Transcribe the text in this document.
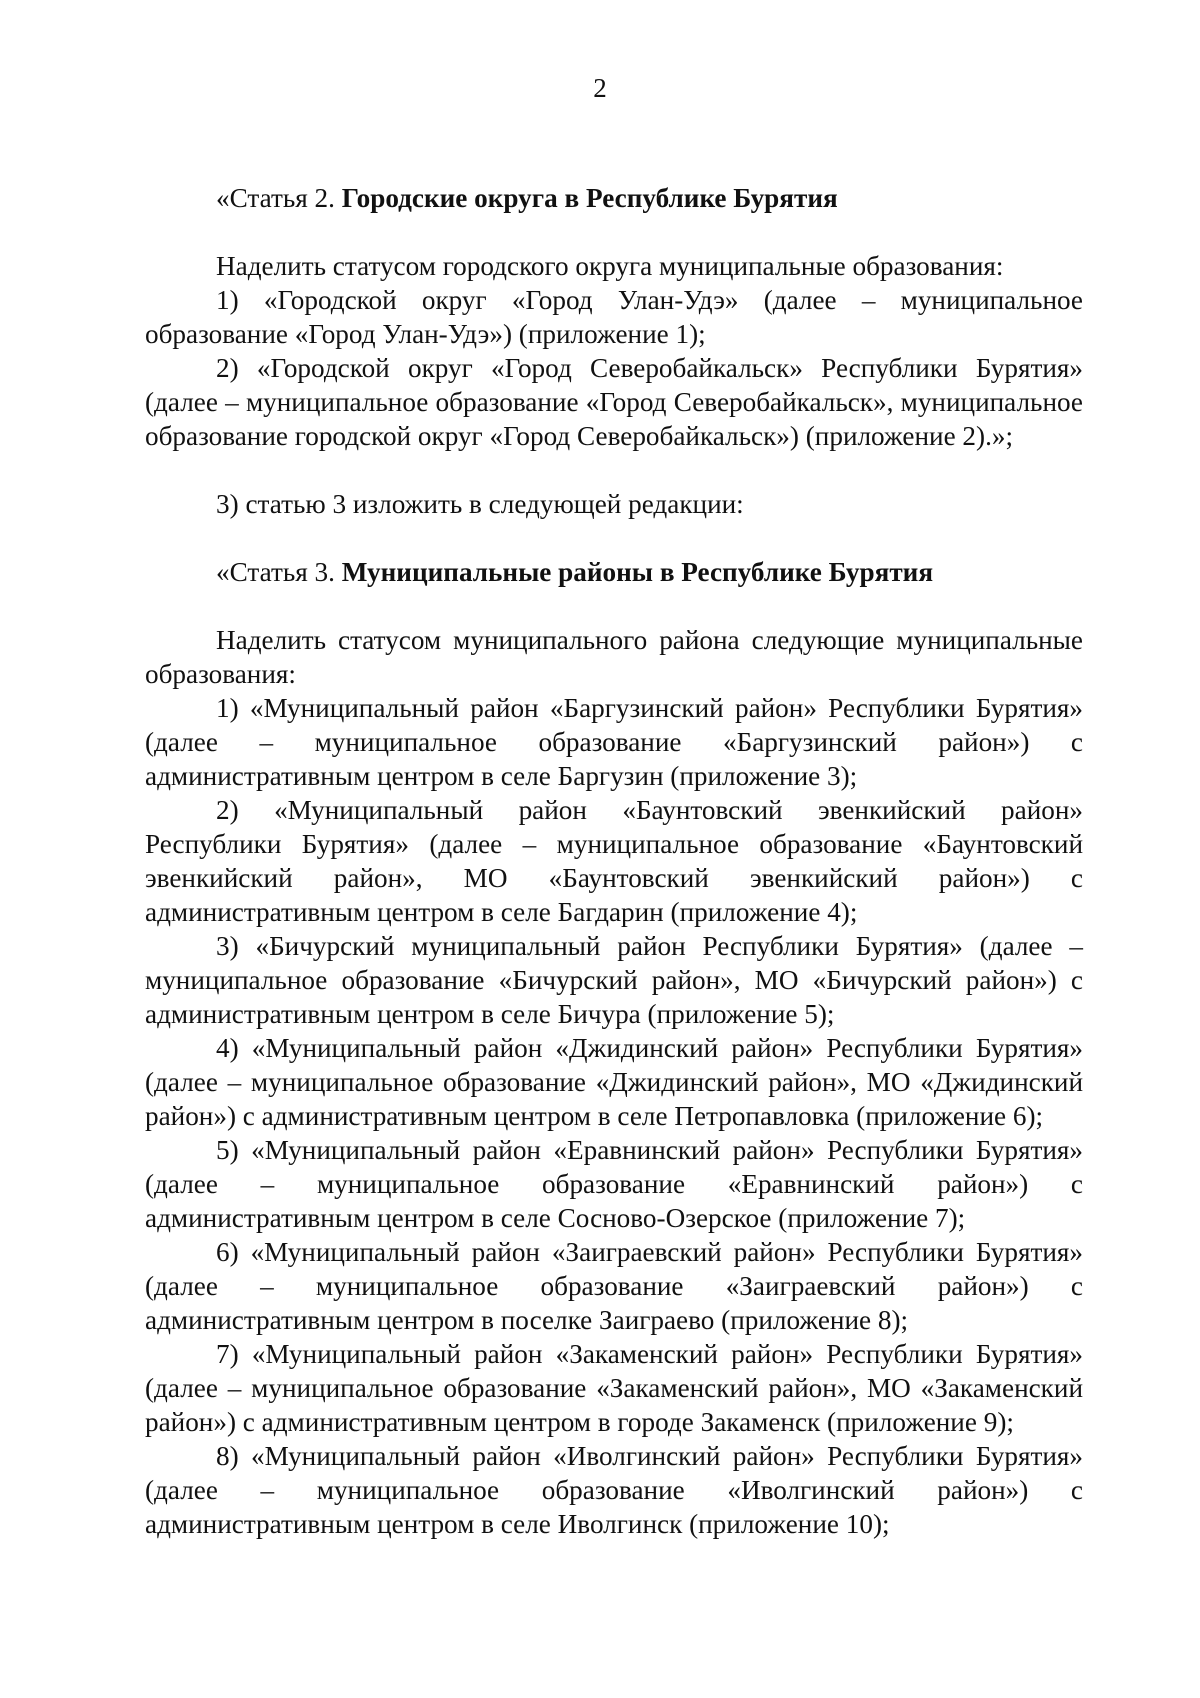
2

«Статья 2. Городские округа в Республике Бурятия

Наделить статусом городского округа муниципальные образования:

1) «Городской округ «Город Улан-Удэ» (далее – муниципальное образование «Город Улан-Удэ») (приложение 1);

2) «Городской округ «Город Северобайкальск» Республики Бурятия» (далее – муниципальное образование «Город Северобайкальск», муниципальное образование городской округ «Город Северобайкальск») (приложение 2).»;

3) статью 3 изложить в следующей редакции:

«Статья 3. Муниципальные районы в Республике Бурятия

Наделить статусом муниципального района следующие муниципальные образования:

1) «Муниципальный район «Баргузинский район» Республики Бурятия» (далее – муниципальное образование «Баргузинский район») с административным центром в селе Баргузин (приложение 3);

2) «Муниципальный район «Баунтовский эвенкийский район» Республики Бурятия» (далее – муниципальное образование «Баунтовский эвенкийский район», МО «Баунтовский эвенкийский район») с административным центром в селе Багдарин (приложение 4);

3) «Бичурский муниципальный район Республики Бурятия» (далее – муниципальное образование «Бичурский район», МО «Бичурский район») с административным центром в селе Бичура (приложение 5);

4) «Муниципальный район «Джидинский район» Республики Бурятия» (далее – муниципальное образование «Джидинский район», МО «Джидинский район») с административным центром в селе Петропавловка (приложение 6);

5) «Муниципальный район «Еравнинский район» Республики Бурятия» (далее – муниципальное образование «Еравнинский район») с административным центром в селе Сосново-Озерское (приложение 7);

6) «Муниципальный район «Заиграевский район» Республики Бурятия» (далее – муниципальное образование «Заиграевский район») с административным центром в поселке Заиграево (приложение 8);

7) «Муниципальный район «Закаменский район» Республики Бурятия» (далее – муниципальное образование «Закаменский район», МО «Закаменский район») с административным центром в городе Закаменск (приложение 9);

8) «Муниципальный район «Иволгинский район» Республики Бурятия» (далее – муниципальное образование «Иволгинский район») с административным центром в селе Иволгинск (приложение 10);
